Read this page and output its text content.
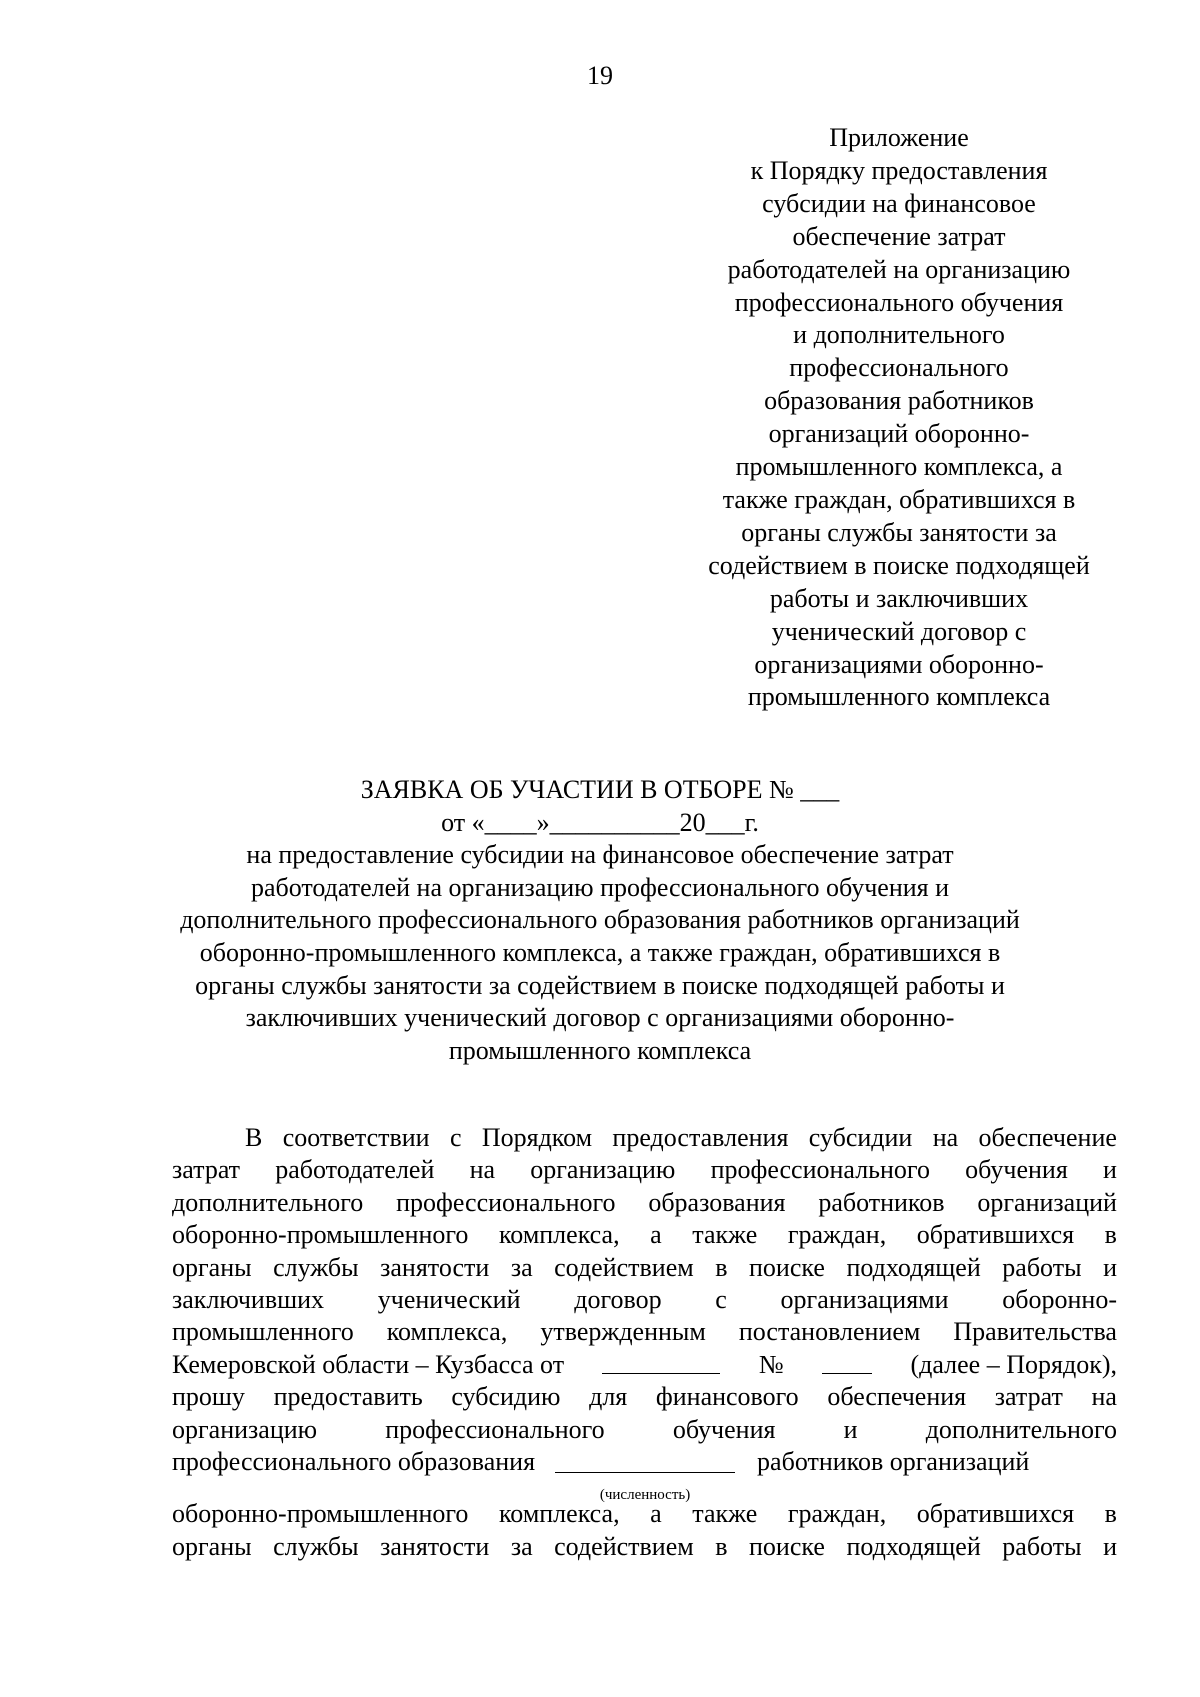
19
Приложение
к Порядку предоставления
субсидии на финансовое
обеспечение затрат
работодателей на организацию
профессионального обучения
и дополнительного
профессионального
образования работников
организаций оборонно-
промышленного комплекса, а
также граждан, обратившихся в
органы службы занятости за
содействием в поиске подходящей
работы и заключивших
ученический договор с
организациями оборонно-
промышленного комплекса
ЗАЯВКА ОБ УЧАСТИИ В ОТБОРЕ № ___
от «____»__________20___г.
на предоставление субсидии на финансовое обеспечение затрат
работодателей на организацию профессионального обучения и
дополнительного профессионального образования работников организаций
оборонно-промышленного комплекса, а также граждан, обратившихся в
органы службы занятости за содействием в поиске подходящей работы и
заключивших ученический договор с организациями оборонно-
промышленного комплекса
В соответствии с Порядком предоставления субсидии на обеспечение
затрат работодателей на организацию профессионального обучения и
дополнительного профессионального образования работников организаций
оборонно-промышленного комплекса, а также граждан, обратившихся в
органы службы занятости за содействием в поиске подходящей работы и
заключивших ученический договор с организациями оборонно-
промышленного комплекса, утвержденным постановлением Правительства
Кемеровской области – Кузбасса от	№	(далее – Порядок),
прошу предоставить субсидию для финансового обеспечения затрат на
организацию	профессионального	обучения	и	дополнительного
профессионального образования
(численность)
работников организаций
оборонно-промышленного комплекса, а также граждан, обратившихся в
органы службы занятости за содействием в поиске подходящей работы и
